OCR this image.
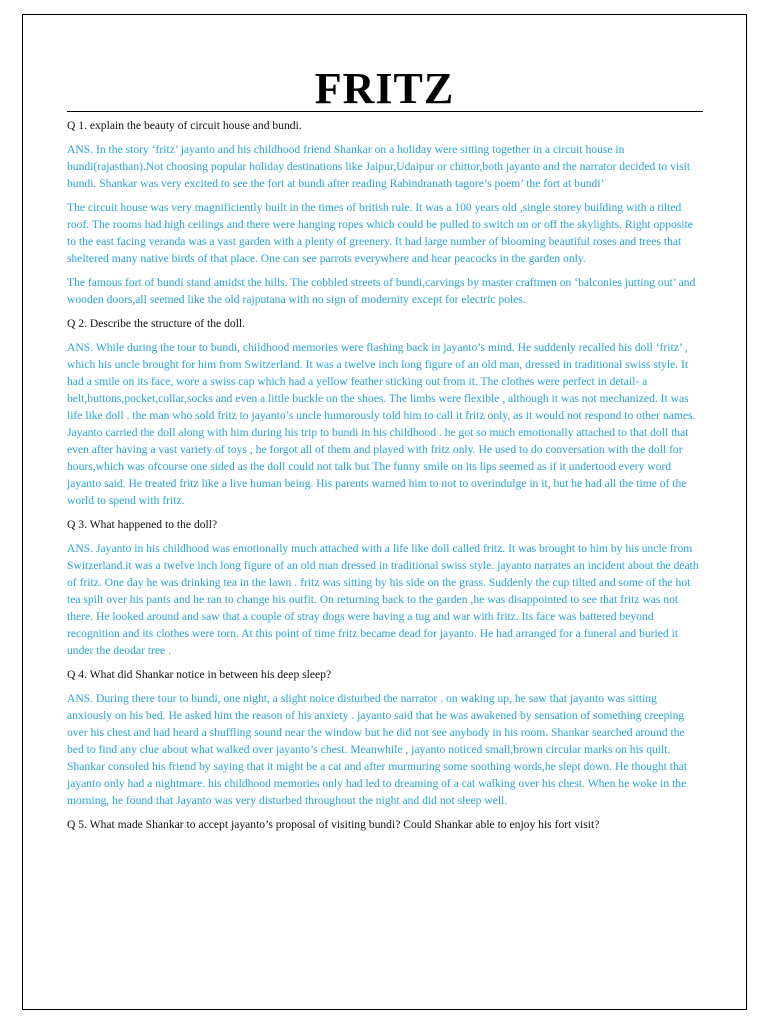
FRITZ

Q 1. explain the beauty of circuit house and bundi.

ANS. In the story ‘fritz’ jayanto and his childhood friend Shankar on a holiday were sitting together in a circuit house in bundi(rajasthan).Not choosing popular holiday destinations like Jaipur,Udaipur or chittor,both jayanto and the narrator decided to visit bundi. Shankar was very excited to see the fort at bundi after reading Rabindranath tagore’s poem’ the fort at bundi’

The circuit house was very magnificiently built in the times of british rule. It was a 100 years old ,single storey building with a tilted roof. The rooms had high ceilings and there were hanging ropes which could be pulled to switch on or off the skylights. Right opposite to the east facing veranda was a vast garden with a plenty of greenery. It had large number of blooming beautiful roses and trees that sheltered many native birds of that place. One can see parrots everywhere and hear peacocks in the garden only.

The famous fort of bundi stand amidst the hills. The cobbled streets of bundi,carvings by master craftmen on ‘balconies jutting out’ and wooden doors,all seemed like the old rajputana with no sign of modernity except for electric poles.

Q 2. Describe the structure of the doll.

ANS. While during the tour to bundi, childhood memories were flashing back in jayanto’s mind. He suddenly recalled his doll ‘fritz’ , which his uncle brought for him from Switzerland. It was a twelve inch long figure of an old man, dressed in traditional swiss style. It had a smile on its face, wore a swiss cap which had a yellow feather sticking out from it. The clothes were perfect in detail- a belt,buttons,pocket,collar,socks and even a little buckle on the shoes. The limbs were flexible , although it was not mechanized. It was life like doll . the man who sold fritz to jayanto’s uncle humorously told him to call it fritz only, as it would not respond to other names. Jayanto carried the doll along with him during his trip to bundi in his childhood . he got so much emotionally attached to that doll that even after having a vast variety of toys , he forgot all of them and played with fritz only. He used to do conversation with the doll for hours,which was ofcourse one sided as the doll could not talk but The funny smile on its lips seemed as if it undertood every word jayanto said. He treated fritz like a live human being. His parents warned him to not to overindulge in it, but he had all the time of the world to spend with fritz.

Q 3. What happened to the doll?

ANS. Jayanto in his childhood was emotionally much attached with a life like doll called fritz. It was brought to him by his uncle from Switzerland.it was a twelve inch long figure of an old man dressed in traditional swiss style. jayanto narrates an incident about the death of fritz. One day he was drinking tea in the lawn . fritz was sitting by his side on the grass. Suddenly the cup tilted and some of the hot tea spilt over his pants and he ran to change his outfit. On returning back to the garden ,he was disappointed to see that fritz was not there. He looked around and saw that a couple of stray dogs were having a tug and war with fritz. Its face was battered beyond recognition and its clothes were torn. At this point of time fritz became dead for jayanto. He had arranged for a funeral and buried it under the deodar tree .

Q 4. What did Shankar notice in between his deep sleep?

ANS. During there tour to bundi, one night, a slight noice disturbed the narrator . on waking up, he saw that jayanto was sitting anxiously on his bed. He asked him the reason of his anxiety . jayanto said that he was awakened by sensation of something creeping over his chest and had heard a shuffling sound near the window but he did not see anybody in his room. Shankar searched around the bed to find any clue about what walked over jayanto’s chest. Meanwhile , jayanto noticed small,brown circular marks on his quilt. Shankar consoled his friend by saying that it might be a cat and after murmuring some soothing words,he slept down. He thought that jayanto only had a nightmare. his childhood memories only had led to dreaming of a cat walking over his chest. When he woke in the morning, he found that Jayanto was very disturbed throughout the night and did not sleep well.

Q 5. What made Shankar to accept jayanto’s proposal of visiting bundi? Could Shankar able to enjoy his fort visit?
